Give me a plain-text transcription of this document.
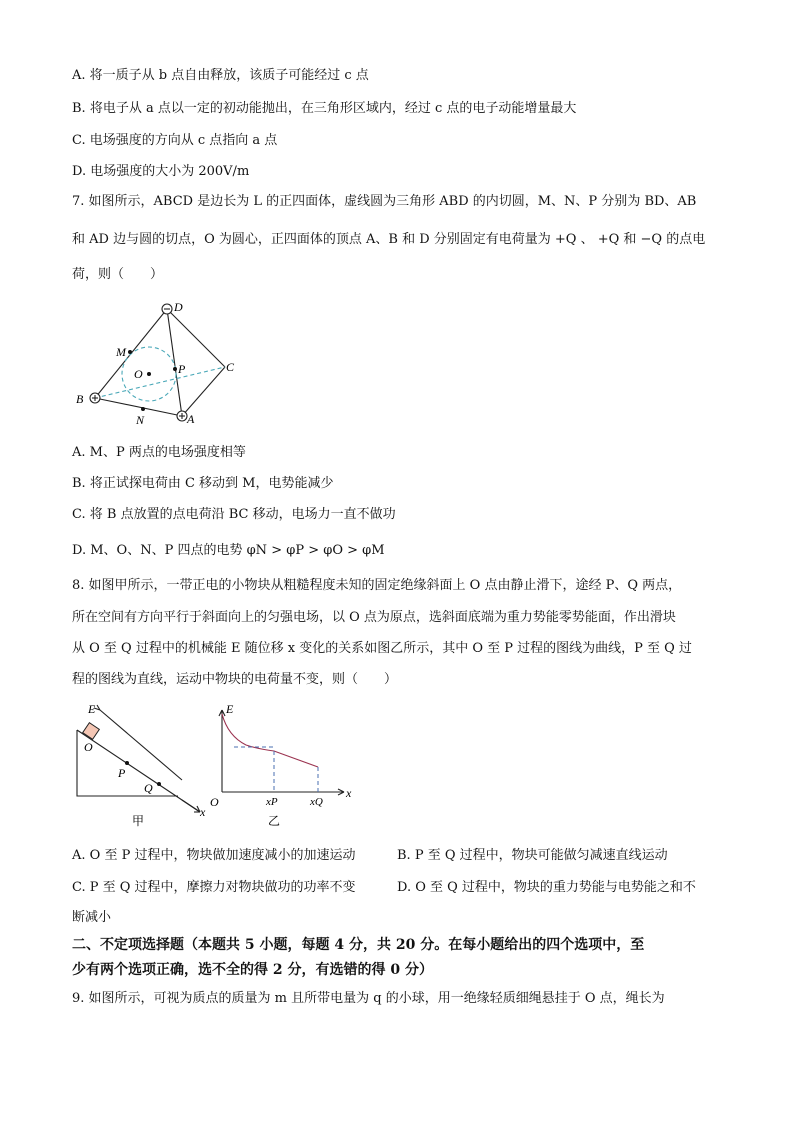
A. 将一质子从 b 点自由释放，该质子可能经过 c 点
B. 将电子从 a 点以一定的初动能抛出，在三角形区域内，经过 c 点的电子动能增量最大
C. 电场强度的方向从 c 点指向 a 点
D. 电场强度的大小为 200V/m
7. 如图所示，ABCD 是边长为 L 的正四面体，虚线圆为三角形 ABD 的内切圆，M、N、P 分别为 BD、AB
和 AD 边与圆的切点，O 为圆心，正四面体的顶点 A、B 和 D 分别固定有电荷量为 +Q 、 +Q 和 −Q 的点电
荷，则（　　）
D
C
B
A
M
N
O	P
A. M、P 两点的电场强度相等
B. 将正试探电荷由 C 移动到 M，电势能减少
C. 将 B 点放置的点电荷沿 BC 移动，电场力一直不做功
D. M、O、N、P 四点的电势 φN > φP > φO > φM
8. 如图甲所示，一带正电的小物块从粗糙程度未知的固定绝缘斜面上 O 点由静止滑下，途经 P、Q 两点，
所在空间有方向平行于斜面向上的匀强电场，以 O 点为原点，选斜面底端为重力势能零势能面，作出滑块
从 O 至 Q 过程中的机械能 E 随位移 x 变化的关系如图乙所示，其中 O 至 P 过程的图线为曲线，P 至 Q 过
程的图线为直线，运动中物块的电荷量不变，则（　　）
E
O
P
Q
x
甲
E
O	xP	xQ
x
乙
A. O 至 P 过程中，物块做加速度减小的加速运动	B. P 至 Q 过程中，物块可能做匀减速直线运动
C. P 至 Q 过程中，摩擦力对物块做功的功率不变	D. O 至 Q 过程中，物块的重力势能与电势能之和不
断减小
二、不定项选择题（本题共 5 小题，每题 4 分，共 20 分。在每小题给出的四个选项中，至
少有两个选项正确，选不全的得 2 分，有选错的得 0 分）
9. 如图所示，可视为质点的质量为 m 且所带电量为 q 的小球，用一绝缘轻质细绳悬挂于 O 点，绳长为
